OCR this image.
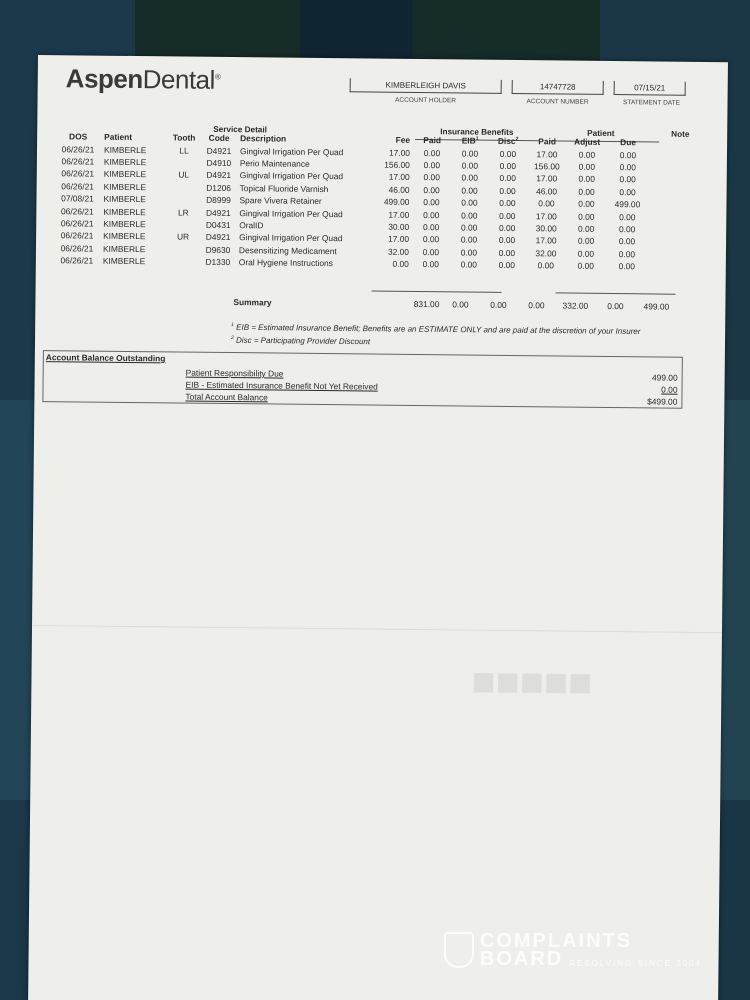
AspenDental®
KIMBERLEIGH DAVIS
ACCOUNT HOLDER
14747728
ACCOUNT NUMBER
07/15/21
STATEMENT DATE
Service Detail	Insurance Benefits	Patient	Note
DOS	Patient	Tooth	Code	Description	Fee	Paid	EIB$^1$	Disc$^2$	Paid	Adjust	Due
06/26/21	KIMBERLE	LL	D4921	Gingival Irrigation Per Quad	17.00	0.00	0.00	0.00	17.00	0.00	0.00
06/26/21	KIMBERLE		D4910	Perio Maintenance	156.00	0.00	0.00	0.00	156.00	0.00	0.00
06/26/21	KIMBERLE	UL	D4921	Gingival Irrigation Per Quad	17.00	0.00	0.00	0.00	17.00	0.00	0.00
06/26/21	KIMBERLE		D1206	Topical Fluoride Varnish	46.00	0.00	0.00	0.00	46.00	0.00	0.00
07/08/21	KIMBERLE		D8999	Spare Vivera Retainer	499.00	0.00	0.00	0.00	0.00	0.00	499.00
06/26/21	KIMBERLE	LR	D4921	Gingival Irrigation Per Quad	17.00	0.00	0.00	0.00	17.00	0.00	0.00
06/26/21	KIMBERLE		D0431	OralID	30.00	0.00	0.00	0.00	30.00	0.00	0.00
06/26/21	KIMBERLE	UR	D4921	Gingival Irrigation Per Quad	17.00	0.00	0.00	0.00	17.00	0.00	0.00
06/26/21	KIMBERLE		D9630	Desensitizing Medicament	32.00	0.00	0.00	0.00	32.00	0.00	0.00
06/26/21	KIMBERLE		D1330	Oral Hygiene Instructions	0.00	0.00	0.00	0.00	0.00	0.00	0.00
Summary	831.00	0.00	0.00	0.00	332.00	0.00	499.00
$^1$ EIB = Estimated Insurance Benefit; Benefits are an ESTIMATE ONLY and are paid at the discretion of your Insurer
$^2$ Disc = Participating Provider Discount
Account Balance Outstanding
Patient Responsibility Due	499.00
EIB - Estimated Insurance Benefit Not Yet Received	0.00
Total Account Balance	$499.00
■■■■■
COMPLAINTS
BOARD RESOLVING SINCE 2004
